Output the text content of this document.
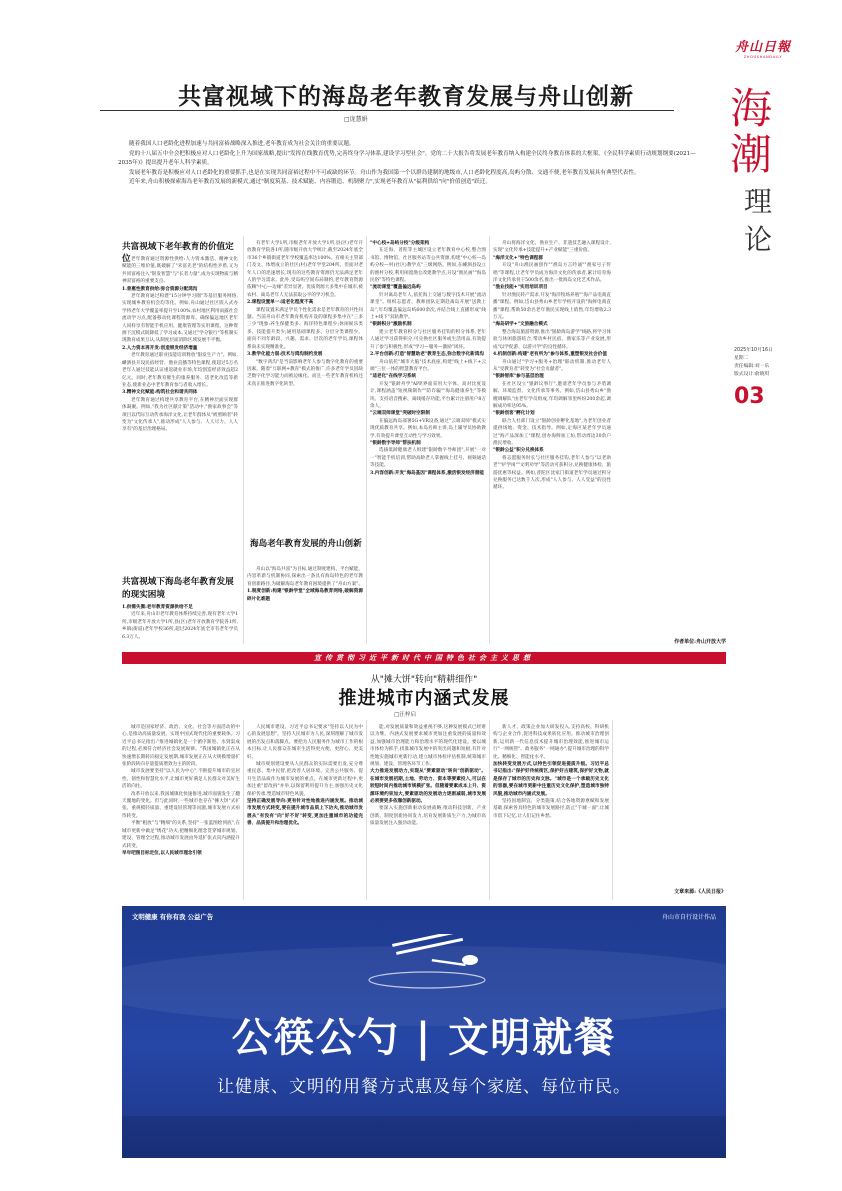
舟山日報
ZHOUSHANDAILY
海
潮
理
论
2025年10月16日
星期二
责任编辑:刘一乐
版式设计:俞晓琪
03
共富视域下的海岛老年教育发展与舟山创新
□庞慧娟

随着我国人口老龄化进程加速与共同富裕战略深入推进,老年教育成为社会关注的重要议题。

党的十八届五中全会把积极应对人口老龄化上升为国家战略,提出"发挥在线教育优势,完善终身学习体系,建设学习型社会"。党的二十大报告将发展老年教育纳入构建全民终身教育体系的大框架。《全民科学素质行动规划纲要(2021—2035年)》提出提升老年人科学素质。

发展老年教育是积极应对人口老龄化的重要抓手,也是在实现共同富裕过程中不可或缺的环节。舟山作为我国第一个以群岛建制的地级市,人口老龄化程度高,岛屿分散、交通不便,老年教育发展具有典型代表性。

近年来,舟山积极探索海岛老年教育发展的新模式,通过"制度筑基、技术赋能、内容锻造、机制聚力",实现老年教育从"福利供给"向"价值创造"跃迁。

共富视域下老年教育的价值定位 老年教育通过资源性供给:人力资本激活、精神文化赋能的三维价值,既破解了"未富先老"的结构性矛盾,又为共同富裕注入"银发智慧"与"长者力量",成为实现物质与精神双富裕的重要支点。

1.普惠性教育供给:弥合资源分配鸿沟

老年教育通过构建"15分钟学习圈"等基层服务网络,实现城乡教育机会均等化。例如,舟山通过社区嵌入式办学将老年大学覆盖率提升至100%,农村地区利用雨露社会流动学习点,配备移动化课程资源库。确保偏远地区老年人同样享有智能手机应用、健康管理等实用课程。这种资源下沉模式既降低了学习成本,又通过"学分银行"等机制实现教育成果互认,从制度层面消除区域发展不平衡。

2.人力资本再开发:创造银发经济增量

老年教育通过职业技能培训释放"银发生产力"。例如,嵊泗县开设民宿经营、渔业直播等特色课程,使超过5万名老年人通过技能认证重返就业市场,年均创造经济效益超2亿元。同时,老年教育催生的康养服务、适老化改造等新业态,使新业态中老年教育参与者收入增长。

3.精神文化赋能:构筑社会和谐共同体

老年教育通过构建共享教育平台,在精神层面实现群体凝聚。例如,"我为社区献计策"活动中,"渔家故事会"等项目以代际互动传承海洋文化,让老年群体从"被照顾者"转变为"文化传承人",推动形成"人人参与、人人尽力、人人享有"的基层治理格局。

共富视域下海岛老年教育发展的现实困境

1.供需失衡:老年教育资源供给不足

近年来,舟山市老年教育体系持续完善,现有老年大学1所,市级老年开放大学1所,县(区)老年开放教育学院各1所,乡镇(街道)老年学校36所,超过2024年底全市有老年学员6.3万人。

有老年大学1所,市级老年开放大学1所,县(区)老年开放教育学院各1所,随市级开放大学统计,截至2024年底全市36个乡镇街道老年学校覆盖率达100%。有相关主管部门及文、体增成立的社区(村)老年学堂204所。但面对老年人口的迅速增长,现有的这些教育资源仍无法满足老年人的学习需求。此外,受岛屿空间布局制约,老年教育资源依赖"中心—边缘"差异显著。优质资源大多集中在城市,被农村、离岛老年人无法获取公平的学习机会。

2.课程设置单一:适老化程度不高

课程设置未满足学员个性化需求是老年教育的共性问题。当前舟山市老年教育机构开设的课程多集中在"三多三少"现象:养生保健类多、海洋特色课程少;休闲娱乐类多、技能提升类少;通用基础课程多、分层分类课程少。面向不同年龄段、兴趣、需求、层次的老年学员,课程体系尚未实现精准化。

3.教学化能力弱:技术与鸿沟制约发展

"数字鸿沟"是当前影响老年人参与数字化教育的重要因素。随着"互联网+教育"模式的推广,许多老年学员因缺乏数字化学习能力而被边缘化。而且一些老年教育机构还未真正推进数字化转型。

海岛老年教育发展的舟山创新

舟山以"海岛共富"为目标,通过制度建构、平台赋能、内容革新与机制协同,探索出一条具有海岛特色的老年教育创新路径,为破解海岛老年教育困境提供了"舟山方案"。

1.制度创新:构建"银龄学堂"全域海岛教育网络,破解资源碎片化难题

"中心校+岛屿分校"分级架构

在定海、普陀等主城区设立老年教育中心校,整合图书馆、博物馆、社区服务站等公共资源,构建"中心校—岛屿分校—村(社区)教学点"三级网络。例如,在嵊泗县设立的渔村分校,利用闲置渔仓改建教学点,开设"渔民画""海岛民俗"等特色课程。

"流动课堂"覆盖偏远岛屿

针对离岛老年人,依托海上交通与数字技术开展"流动课堂"。组织志愿者、教师团队定期赴离岛开展"送教上岛",年均覆盖偏远岛屿600余次,并结合线上直播形成"线上+线下"双轨教学。

"银龄积分"激励机制

建立老年教育积分与社区服务挂钩的积分体系,老年人通过学习获得积分,可兑换社区服务或生活用品,有效提升了参与积极性,形成"学习—服务—激励"闭环。

2.平台创新:打造"智慧助老"教育生态,弥合数字化新鸿沟

舟山依托"城市大脑"技术底座,构建"线上+线下+云端"三位一体的智慧教育平台。

"适老化"在线学习系统

开发"银龄舟学"APP,界面采用大字体、高对比度设计,课程涵盖"短视频制作""防诈骗""海岛健康养生"等模块。支持语音搜索、离线缓存功能,平台累计注册用户8万余人。

"云端双师课堂"突破时空限制

在偏远海岛部署5G+VR设备,通过"云端双师"模式实现优质教育共享。例如,本岛名师主讲,岛上辅导员协助教学,有效提升课堂互动性与学习效果。

"银龄数字导师"帮扶机制

选拔低龄健康老人组建"银龄数字导师团",开展"一对一"智能手机培训,帮助高龄老人掌握线上挂号、视频通话等技能。

3.内容创新:开发"海岛基因"课程体系,激活银发经济潜能

舟山将海洋文化、渔业生产、非遗技艺融入课程设计,实现"文化传承+技能提升+产业赋能"三重价值。

"海洋文化+"特色课程群

开设"舟山渔民画创作""渔岛方言吟诵""渔家号子传唱"等课程,让老年学员成为海洋文化的传承者,累计培育海洋文化传承骨干500余名,推出一批海岛文化艺术作品。

"渔业技能+"实用培训项目

针对渔民转产需求,开发"海洋牧场养殖""海产品电商直播"课程。例如,岱山县秀山乡老年学校开设的"海鲜电商直播"课程,帮助50余名老年渔民实现线上销售,年均增收2.3万元。

"海岛研学+"文旅融合模式

整合海岛旅游资源,推出"银龄海岛游学"线路,将学习体验与休闲旅游结合,带动乡村民宿、渔家乐等产业发展,形成"以学促游、以游兴学"的良性循环。

4.机制创新:构建"老有所为"参与体系,重塑银发社会价值

舟山通过"学习+服务+治理"联动机制,推动老年人从"受教育者"转变为"社会贡献者"。

"银龄智库"参与基层治理

在社区设立"银龄议事厅",邀请老年学员参与矛盾调解、环境监督、文化传承等事务。例如,岱山县秀山乡"渔嫂调解队"由老年学员组成,年均调解邻里纠纷200余起,调解成功率达95%。

"银龄创客"孵化计划

联合人社部门设立"银龄创业孵化基地",为老年创业者提供场地、资金、技术指导。例如,定海区某老年学员通过"海产品深加工"课程,创办海鲜加工坊,带动周边30余户渔民增收。

"银龄公益"积分兑换体系

将志愿服务时长与社区服务挂钩,老年人参与"以老助老""护学岗""文明劝导"等活动可获积分,兑换健康体检、旅游优惠等权益。例如,普陀区沈家门街道老年学员通过积分兑换服务已达数千人次,形成"人人参与、人人受益"的良性循环。

作者单位:舟山开放大学
宣传贯彻习近平新时代中国特色社会主义思想
从"摊大饼"转向"精耕细作"
推进城市内涵式发展
□汪梓启

城市是国家经济、政治、文化、社会等方面活动的中心,是推动高质量发展、实现中国式现代化的重要载体。习近平总书记指出:"推进城镇化是一个循序渐进、水到渠成的过程,必须符合经济社会发展规律。"我国城镇化正在从快速增长期转向稳定发展期,城市发展正在从大规模增量扩张阶段转向存量提质增效为主的阶段。

城市发展要坚持"以人民为中心",不断提升城市的宜居性、韧性和智慧化水平,让城市更好满足人民群众对美好生活的向往。

改革开放以来,我国城镇化快速推进,城市面貌发生了翻天覆地的变化。但与此同时,一些城市也存在"摊大饼"式扩张、重规模轻质量、重建设轻管理等问题,城市发展方式亟待转变。

平衡"粗放"与"精细"的关系,坚持"一张蓝图绘到底",在城市更新中做足"绣花"功夫,把精细化理念贯穿城市规划、建设、管理全过程,推动城市发展由外延扩张式向内涵提升式转变。

早年吧图目标定位,以人民城市理念引领

人民城市建设。习近平总书记要求"坚持以人民为中心的发展思想"。坚持人民城市为人民,深刻理解了城市发展的出发点和落脚点。要把为人民服务作为城市工作的根本目标,让人民群众在城市生活得更方便、更舒心、更美好。

城市规划建设要从人民群众的实际需要出发,充分尊重民意、集中民智,把改善人居环境、完善公共服务、提升生活品质作为城市发展的重点。在城市更新过程中,更加注重"留改拆"并举,以保留利用提升为主,加强历史文化保护传承,塑造城市特色风貌。

坚持正确发展导向:更有针对性地推进内涵发展。推动城市发展方式转变,要在提升城市品质上下功夫,推动城市发展从"有没有"向"好不好"转变,更加注重城市的功能完善、品质提升和治理优化。

能,对发展质量和效益重视不够,这种发展模式已经难以为继。内涵式发展要求城市更加注重发展的质量和效益,加强城市治理能力和治理水平的现代化建设。要以城市体检为抓手,找准城市发展中的突出问题和短板,有针对性地实施城市更新行动,建立城市体检评估机制,统筹城市规划、建设、管理各环节工作。

大力推进发展动力,实现从"要素驱动"转向"创新驱动"。在城市发展初期,土地、劳动力、资本等要素投入,可以在较短时间内推动城市规模扩张。但随着要素成本上升、资源环境约束加大,要素驱动的发展动力逐渐减弱,城市发展必须要更多依靠创新驱动。

要深入实施创新驱动发展战略,推动科技创新、产业创新、制度创新协同发力,培育发展新质生产力,为城市高质量发展注入强劲动能。

新人才、政策企业加大研发投入,支持高校、科研机构与企业合作,促进科技成果转化应用。推动城市治理创新,运用新一代信息技术提升城市治理效能,推进城市运行"一网统管"、政务服务"一网通办",提升城市治理的科学化、精细化、智能化水平。

加快转变发展方式,以特色引领促进提质升级。习近平总书记指出:"保护好传统街区,保护好古建筑,保护好文物,就是保存了城市的历史和文脉。"城市是一个承载历史文化的容器,要在城市更新中注重历史文化保护,塑造城市独特风貌,推动城市内涵式发展。

坚持因地制宜、分类施策,结合各地资源禀赋和发展基础,探索各具特色的城市发展路径,防止"千城一面",让城市留下记忆,让人们记住乡愁。

文章来源:《人民日报》
文明健康 有你有我 公益广告	舟山市自行设计作品
公筷公勺 | 文明就餐
让健康、文明的用餐方式惠及每个家庭、每位市民。
